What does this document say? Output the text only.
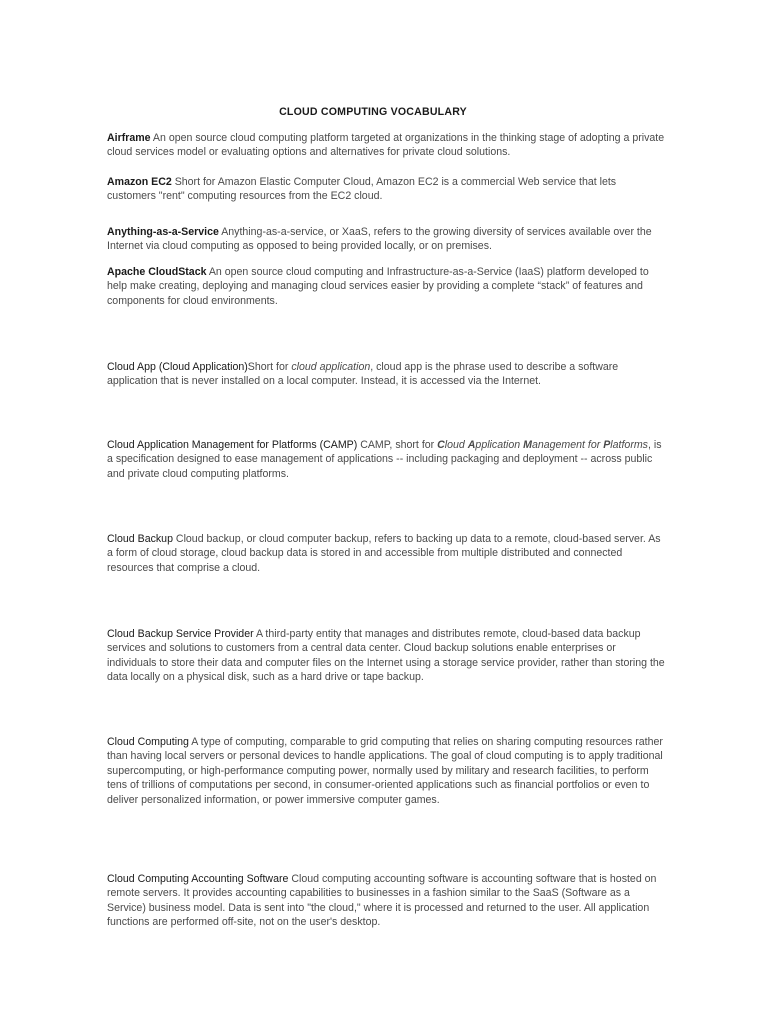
CLOUD COMPUTING VOCABULARY

Airframe An open source cloud computing platform targeted at organizations in the thinking stage of adopting a private cloud services model or evaluating options and alternatives for private cloud solutions.

Amazon EC2 Short for Amazon Elastic Computer Cloud, Amazon EC2 is a commercial Web service that lets customers "rent" computing resources from the EC2 cloud.

Anything-as-a-Service Anything-as-a-service, or XaaS, refers to the growing diversity of services available over the Internet via cloud computing as opposed to being provided locally, or on premises.

Apache CloudStack An open source cloud computing and Infrastructure-as-a-Service (IaaS) platform developed to help make creating, deploying and managing cloud services easier by providing a complete “stack” of features and components for cloud environments.

Cloud App (Cloud Application)Short for cloud application, cloud app is the phrase used to describe a software application that is never installed on a local computer. Instead, it is accessed via the Internet.

Cloud Application Management for Platforms (CAMP) CAMP, short for Cloud Application Management for Platforms, is a specification designed to ease management of applications -- including packaging and deployment -- across public and private cloud computing platforms.

Cloud Backup Cloud backup, or cloud computer backup, refers to backing up data to a remote, cloud-based server. As a form of cloud storage, cloud backup data is stored in and accessible from multiple distributed and connected resources that comprise a cloud.

Cloud Backup Service Provider A third-party entity that manages and distributes remote, cloud-based data backup services and solutions to customers from a central data center. Cloud backup solutions enable enterprises or individuals to store their data and computer files on the Internet using a storage service provider, rather than storing the data locally on a physical disk, such as a hard drive or tape backup.

Cloud Computing A type of computing, comparable to grid computing that relies on sharing computing resources rather than having local servers or personal devices to handle applications. The goal of cloud computing is to apply traditional supercomputing, or high-performance computing power, normally used by military and research facilities, to perform tens of trillions of computations per second, in consumer-oriented applications such as financial portfolios or even to deliver personalized information, or power immersive computer games.

Cloud Computing Accounting Software Cloud computing accounting software is accounting software that is hosted on remote servers. It provides accounting capabilities to businesses in a fashion similar to the SaaS (Software as a Service) business model. Data is sent into "the cloud," where it is processed and returned to the user. All application functions are performed off-site, not on the user's desktop.
